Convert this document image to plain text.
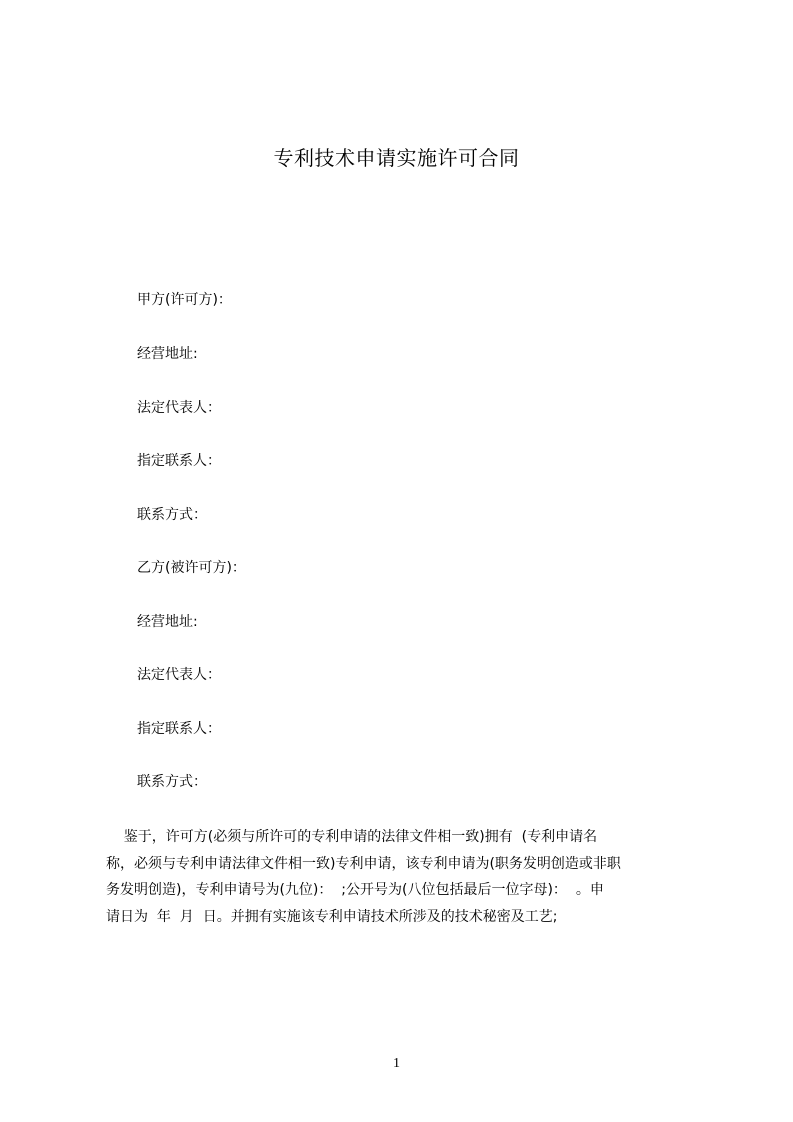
专利技术申请实施许可合同
甲方(许可方)：
经营地址:
法定代表人：
指定联系人：
联系方式：
乙方(被许可方)：
经营地址:
法定代表人：
指定联系人：
联系方式：
鉴于，许可方(必须与所许可的专利申请的法律文件相一致)拥有  (专利申请名
称，必须与专利申请法律文件相一致)专利申请，该专利申请为(职务发明创造或非职
务发明创造)，专利申请号为(九位)：  ;公开号为(八位包括最后一位字母)：  。申
请日为  年  月  日。并拥有实施该专利申请技术所涉及的技术秘密及工艺;
1
